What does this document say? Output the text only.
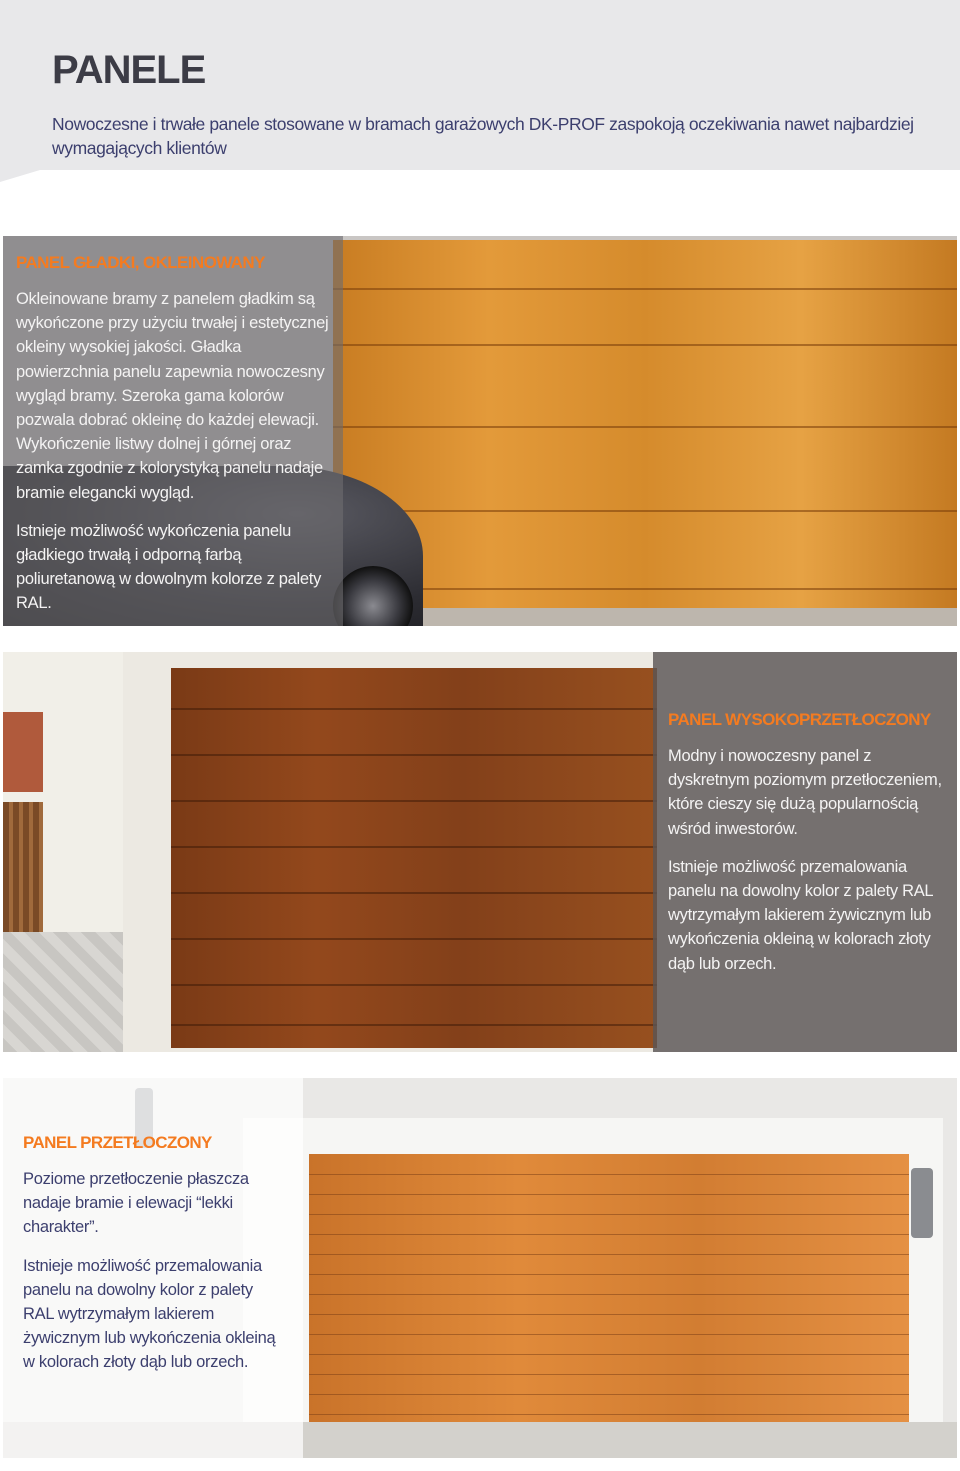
PANELE

Nowoczesne i trwałe panele stosowane w bramach garażowych DK-PROF zaspokoją oczekiwania nawet najbardziej wymagających klientów

PANEL GŁADKI, OKLEINOWANY

Okleinowane bramy z panelem gładkim są wykończone przy użyciu trwałej i estetycznej okleiny wysokiej jakości. Gładka powierzchnia panelu zapewnia nowoczesny wygląd bramy. Szeroka gama kolorów pozwala dobrać okleinę do każdej elewacji. Wykończenie listwy dolnej i górnej oraz zamka zgodnie z kolorystyką panelu nadaje bramie elegancki wygląd.

Istnieje możliwość wykończenia panelu gładkiego trwałą i odporną farbą poliuretanową w dowolnym kolorze z palety RAL.

PANEL WYSOKOPRZETŁOCZONY

Modny i nowoczesny panel z dyskretnym poziomym przetłoczeniem, które cieszy się dużą popularnością wśród inwestorów.

Istnieje możliwość przemalowania panelu na dowolny kolor z palety RAL wytrzymałym lakierem żywicznym lub wykończenia okleiną w kolorach złoty dąb lub orzech.

PANEL PRZETŁOCZONY

Poziome przetłoczenie płaszcza nadaje bramie i elewacji “lekki charakter”.

Istnieje możliwość przemalowania panelu na dowolny kolor z palety RAL wytrzymałym lakierem żywicznym lub wykończenia okleiną w kolorach złoty dąb lub orzech.
